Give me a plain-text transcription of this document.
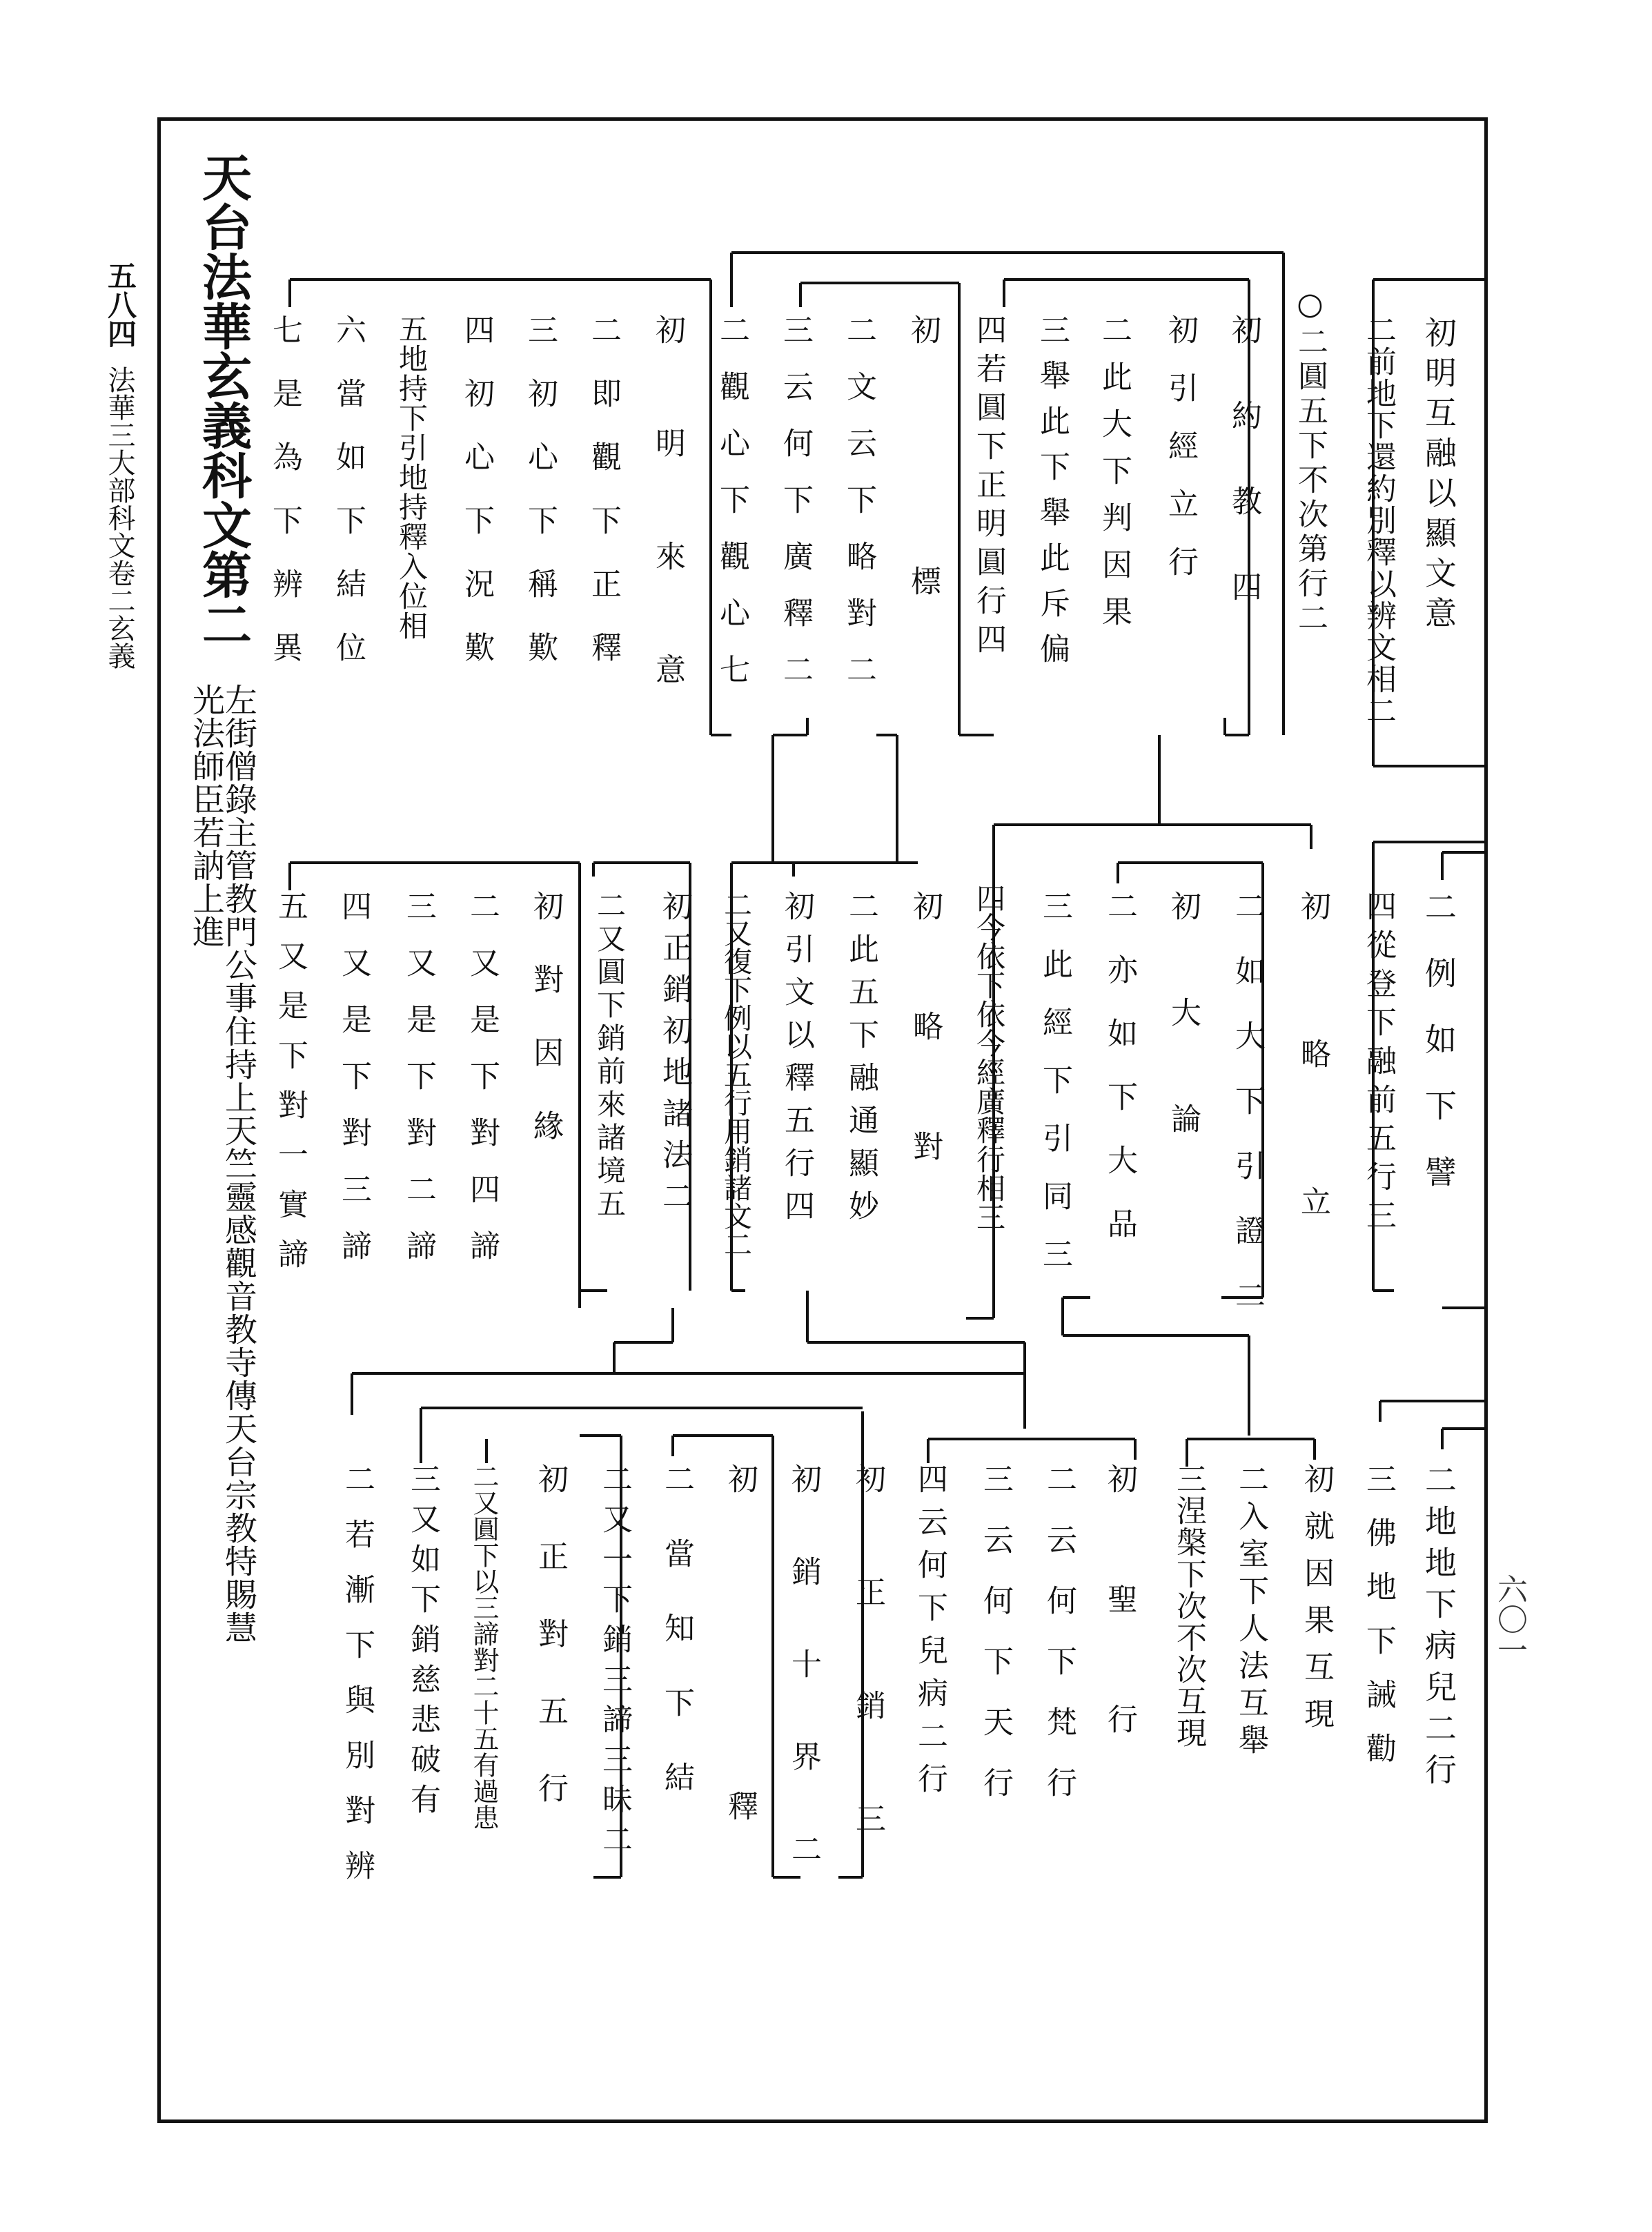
五八四
法華三大部科文卷二玄義
六〇一
天台法華玄義科文第二
左街僧錄主管教門公事住持上天竺靈感觀音教寺傳天台宗教特賜慧
光法師臣若訥上進
初明互融以顯文意
二前地下還約別釋以辨文相二
○二圓五下不次第行二
初約教四
初引經立行
二此大下判因果
三舉此下舉此斥偏
四若圓下正明圓行四
初標
二文云下略對二
三云何下廣釋二
二觀心下觀心七
初明來意
二即觀下正釋
三初心下稱歎
四初心下況歎
五地持下引地持釋入位相
六當如下結位
七是為下辨異
二例如下譬
四從登下融前五行三
初略立
二如大下引證二
初大論
二亦如下大品
三此經下引同三
四今依下依今經廣釋行相三
初略對
二此五下融通顯妙
初引文以釋五行四
二又復下例以五行用銷諸文二
初正銷初地諸法二
二又圓下銷前來諸境五
初對因緣
二又是下對四諦
三又是下對二諦
四又是下對三諦
五又是下對一實諦
二地地下病兒二行
三佛地下誡勸
初就因果互現
二入室下人法互舉
三涅槃下次不次互現
初聖行
二云何下梵行
三云何下天行
四云何下兒病二行
初正銷三
初銷十界二
初釋
二當知下結
二又一下銷三諦三昧二
初正對五行
二又圓下以三諦對二十五有過患
三又如下銷慈悲破有
二若漸下與別對辨
